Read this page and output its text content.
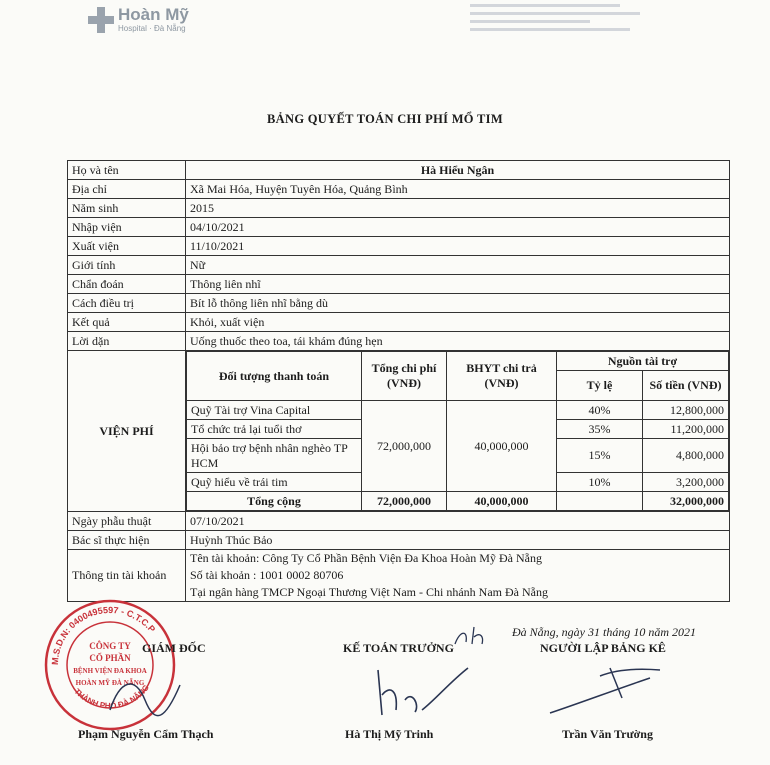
Hoàn Mỹ
Hospital · Đà Nẵng
BẢNG QUYẾT TOÁN CHI PHÍ MỔ TIM
Họ và tên	Hà Hiểu Ngân
Địa chỉ	Xã Mai Hóa, Huyện Tuyên Hóa, Quảng Bình
Năm sinh	2015
Nhập viện	04/10/2021
Xuất viện	11/10/2021
Giới tính	Nữ
Chẩn đoán	Thông liên nhĩ
Cách điều trị	Bít lỗ thông liên nhĩ bằng dù
Kết quả	Khỏi, xuất viện
Lời dặn	Uống thuốc theo toa, tái khám đúng hẹn
VIỆN PHÍ	
Đối tượng thanh toán	Tổng chi phí (VNĐ)	BHYT chi trả (VNĐ)	Nguồn tài trợ
Tỷ lệ	Số tiền (VNĐ)
Quỹ Tài trợ Vina Capital	72,000,000	40,000,000	40%	12,800,000
Tổ chức trả lại tuổi thơ	35%	11,200,000
Hội bảo trợ bệnh nhân nghèo TP HCM	15%	4,800,000
Quỹ hiểu về trái tim	10%	3,200,000
Tổng cộng	72,000,000	40,000,000		32,000,000

Ngày phẫu thuật	07/10/2021
Bác sĩ thực hiện	Huỳnh Thúc Bảo
Thông tin tài khoản	
Tên tài khoản: Công Ty Cổ Phần Bệnh Viện Đa Khoa Hoàn Mỹ Đà Nẵng
Số tài khoản : 1001 0002 80706
Tại ngân hàng TMCP Ngoại Thương Việt Nam - Chi nhánh Nam Đà Nẵng
M.S.D.N: 0400495597 - C.T.C.P
THÀNH PHỐ ĐÀ NẴNG
CÔNG TY
CỔ PHẦN
BỆNH VIỆN ĐA KHOA
HOÀN MỸ ĐÀ NẴNG
Đà Nẵng, ngày 31 tháng 10 năm 2021
GIÁM ĐỐC	KẾ TOÁN TRƯỞNG	NGƯỜI LẬP BẢNG KÊ
Phạm Nguyễn Cẩm Thạch	Hà Thị Mỹ Trinh	Trần Văn Trường
